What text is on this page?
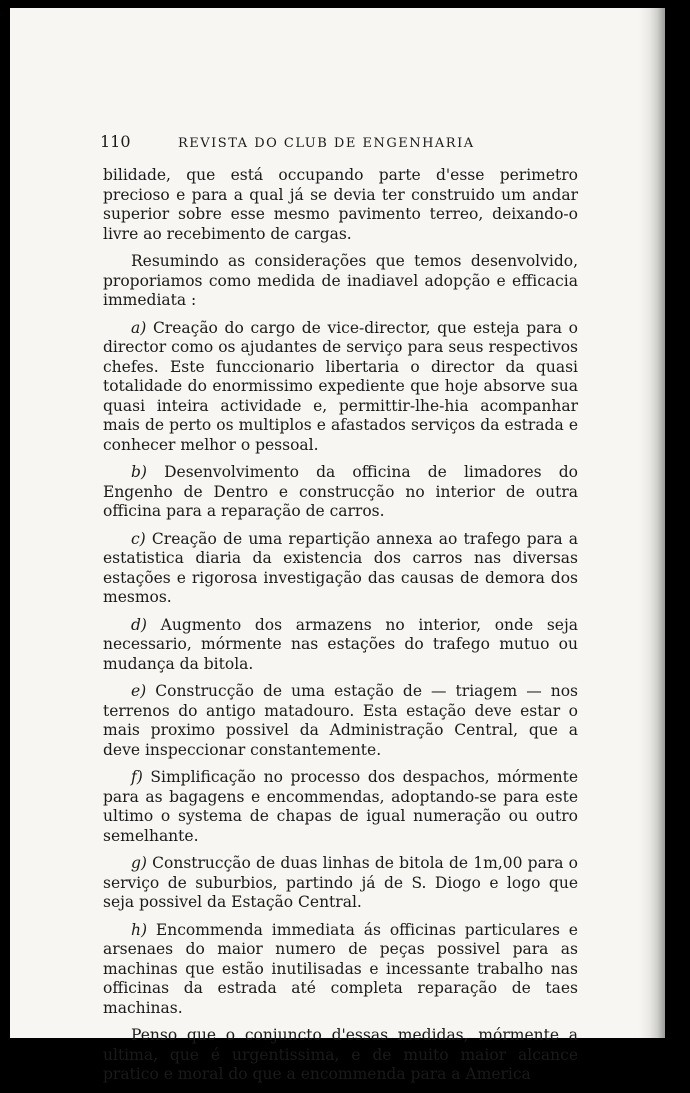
110	REVISTA DO CLUB DE ENGENHARIA

bilidade, que está occupando parte d'esse perimetro precioso e para a qual já se devia ter construido um andar superior sobre esse mesmo pavimento terreo, deixando-o livre ao recebimento de cargas.

Resumindo as considerações que temos desenvolvido, proporiamos como medida de inadiavel adopção e efficacia immediata :

a) Creação do cargo de vice-director, que esteja para o director como os ajudantes de serviço para seus respectivos chefes. Este funccionario libertaria o director da quasi totalidade do enormissimo expediente que hoje absorve sua quasi inteira actividade e, permittir-lhe-hia acompanhar mais de perto os multiplos e afastados serviços da estrada e conhecer melhor o pessoal.

b) Desenvolvimento da officina de limadores do Engenho de Dentro e construcção no interior de outra officina para a reparação de carros.

c) Creação de uma repartição annexa ao trafego para a estatistica diaria da existencia dos carros nas diversas estações e rigorosa investigação das causas de demora dos mesmos.

d) Augmento dos armazens no interior, onde seja necessario, mórmente nas estações do trafego mutuo ou mudança da bitola.

e) Construcção de uma estação de — triagem — nos terrenos do antigo matadouro. Esta estação deve estar o mais proximo possivel da Administração Central, que a deve inspeccionar constantemente.

f) Simplificação no processo dos despachos, mórmente para as bagagens e encommendas, adoptando-se para este ultimo o systema de chapas de igual numeração ou outro semelhante.

g) Construcção de duas linhas de bitola de 1m,00 para o serviço de suburbios, partindo já de S. Diogo e logo que seja possivel da Estação Central.

h) Encommenda immediata ás officinas particulares e arsenaes do maior numero de peças possivel para as machinas que estão inutilisadas e incessante trabalho nas officinas da estrada até completa reparação de taes machinas.

Penso que o conjuncto d'essas medidas, mórmente a ultima, que é urgentissima, e de muito maior alcance pratico e moral do que a encommenda para a America
